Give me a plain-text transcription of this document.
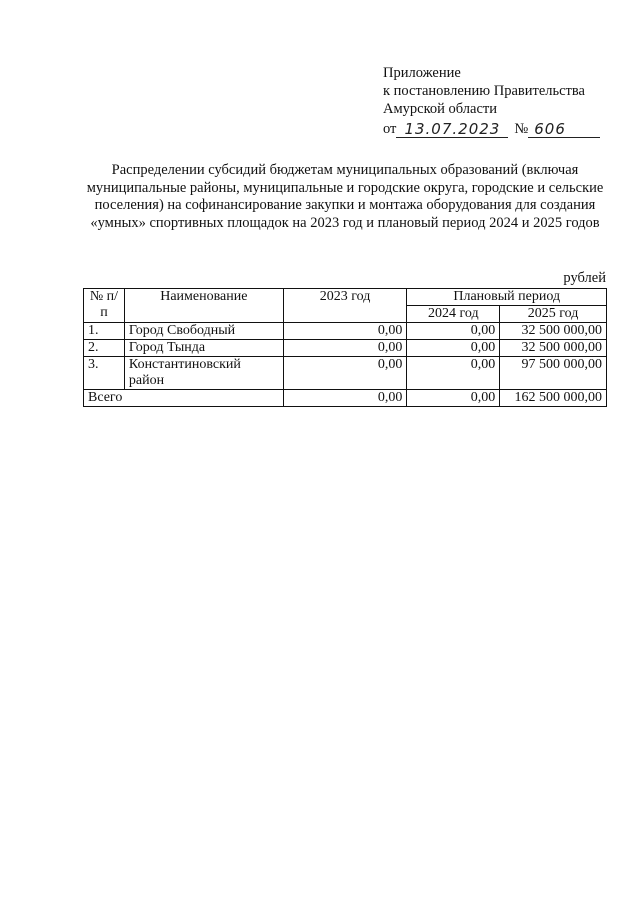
Приложение
к постановлению Правительства
Амурской области
от 13.07.2023 № 606
Распределении субсидий бюджетам муниципальных образований (включая муниципальные районы, муниципальные и городские округа, городские и сельские поселения) на софинансирование закупки и монтажа оборудования для создания «умных» спортивных площадок на 2023 год и плановый период 2024 и 2025 годов
рублей
№ п/п	Наименование	2023 год	Плановый период	
			2024 год	2025 год
1.	Город Свободный	0,00	0,00	32 500 000,00
2.	Город Тында	0,00	0,00	32 500 000,00
3.	Константиновский район	0,00	0,00	97 500 000,00
Всего		0,00	0,00	162 500 000,00
